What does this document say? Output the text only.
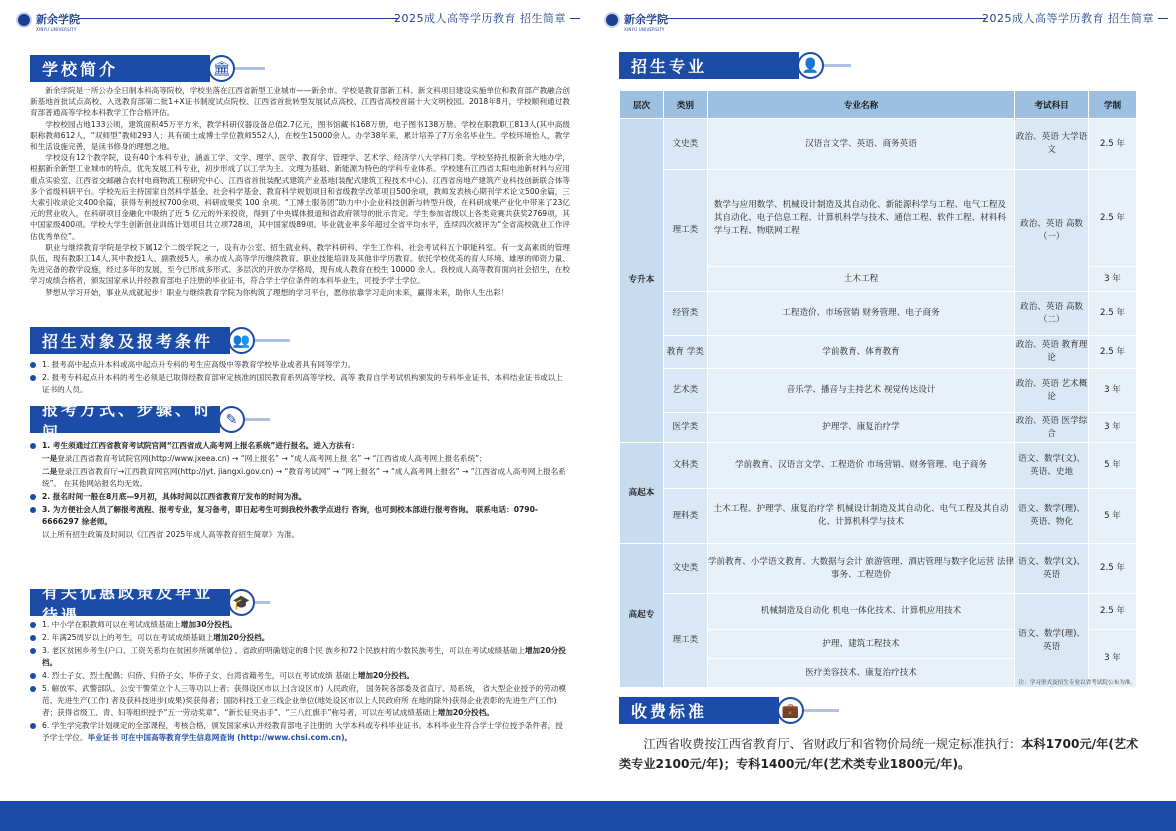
新余学院
XINYU UNIVERSITY
2025成人高等学历教育 招生简章
学校简介	🏛

新余学院是一所公办全日制本科高等院校，学校坐落在江西省新型工业城市——新余市。学校是教育部新工科、新文科项目建设实施单位和教育部产教融合创新基地首批试点高校、入选教育部第二批1+X证书制度试点院校、江西省首批转型发展试点高校、江西省高校首届十大文明校园。2018年8月，学校顺利通过教育部普通高等学校本科教学工作合格评估。

学校校园占地133公顷，建筑面积45万平方米，教学科研仪器设备总值2.7亿元，图书馆藏书168万册，电子图书138万册。学校在职教职工813人(其中高级职称教师612人，“双师型”教师293人；具有硕士或博士学位教师552人)，在校生15000余人。办学38年来，累计培养了7万余名毕业生。学校环境怡人，教学和生活设施完善，是读书修身的理想之地。

学校设有12个教学院，设有40个本科专业，涵盖工学、文学、理学、医学、教育学、管理学、艺术学、经济学八大学科门类。学校坚持扎根新余大地办学，根据新余新型工业城市的特点，优先发展工科专业，初步形成了以工学为主、文理为基础、新能源为特色的学科专业体系。学校建有江西省太阳电池新材料与应用重点实验室、江西省交邮融合农村电商物流工程研究中心、江西省首批装配式建筑产业基地(装配式建筑工程技术中心)、江西省房地产建筑产业科技创新联合体等多个省级科研平台。学校先后主持国家自然科学基金、社会科学基金、教育科学规划项目和省级教学改革项目500余项，教师发表核心期刊学术论文500余篇，三大索引收录论文400余篇，获得专利授权700余项、科研成果奖 100 余项。“工博士服务团”助力中小企业科技创新与转型升级，在科研成果产业化中带来了23亿元的营业收入，在科研项目金融化中吸纳了近 5 亿元的外来投资，得到了中央媒体报道和省政府领导的批示肯定。学生参加省级以上各类竞赛共获奖2769项，其中国家级400项。学校大学生创新创业训练计划项目共立项728项，其中国家级89项。毕业就业率多年超过全省平均水平，连续四次被评为“全省高校就业工作评估优秀单位”。

职业与继续教育学院是学校下属12个二级学院之一，设有办公室、招生就业科、教学科研科、学生工作科、社会考试科五个职能科室。有一支高素质的管理队伍，现有教职工14人,其中教授1人、副教授5人，承办成人高等学历继续教育、职业技能培训及其他非学历教育。依托学校优美的育人环境、雄厚的师资力量、先进完备的教学设施，经过多年的发展，至今已形成多形式、多层次的开放办学格局，现有成人教育在校生 10000 余人。我校成人高等教育面向社会招生，在校学习成绩合格者，颁发国家承认并经教育部电子注册的毕业证书，符合学士学位条件的本科毕业生，可授予学士学位。

梦想从学习开始，事业从成就起步！职业与继续教育学院为你构筑了理想的学习平台，愿你依靠学习走向未来，赢得未来，助你人生出彩！

招生对象及报考条件	👥
1. 报考高中起点升本科或高中起点升专科的考生应高级中等教育学校毕业或者具有同等学力。
2. 报考专科起点升本科的考生必须是已取得经教育部审定核准的国民教育系列高等学校、高等 教育自学考试机构颁发的专科毕业证书、本科结业证书或以上证书的人员。
报考方式、步骤、时间
✎
1. 考生须通过江西省教育考试院官网“江西省成人高考网上报名系统”进行报名。进入方法有：
一是登录江西省教育考试院官网(http://www.jxeea.cn) → “网上报名” → “成人高考网上报 名” → “江西省成人高考网上报名系统”；
二是登录江西省教育厅→江西教育网官网(http://jyt. jiangxi.gov.cn) → “教育考试网” → “网上报名” → “成人高考网上报名” → “江西省成人高考网上报名系统”。 在其他网站报名均无效。
2. 报名时间一般在8月底—9月初，具体时间以江西省教育厅发布的时间为准。
3. 为方便社会人员了解报考流程、报考专业，复习备考，即日起考生可到我校外教学点进行 咨询，也可到校本部进行报考咨询。 联系电话：0790-6666297 徐老师。
以上所有招生政策及时间以《江西省 2025年成人高等教育招生简章》为准。
有关优惠政策及毕业待遇
🎓
1. 中小学在职教师可以在考试成绩基础上增加30分投档。
2. 年满25周岁以上的考生，可以在考试成绩基础上增加20分投档。
3. 老区贫困乡考生(户口、工资关系均在贫困乡所属单位) 、省政府明确划定的8个民 族乡和72个民族村的少数民族考生，可以在考试成绩基础上增加20分投档。
4. 烈士子女、烈士配偶；归侨、归侨子女、华侨子女、台湾省籍考生，可以在考试成绩 基础上增加20分投档。
5. 解放军、武警部队、公安干警荣立个人三等功以上者；获得设区市以上(含设区市) 人民政府， 国务院各部委及省直厅、局系统， 省大型企业授予的劳动模范、先进生产(工作) 者及获科技进步(成果)奖获得者；国防科技工业三线企业单位(地处设区市以上人民政府所 在地的除外)获得企业表彰的先进生产(工作)者；获得省级工、青、妇等组织授予“五一劳动奖章”、“新长征突击手”、“三八红旗手”称号者，可以在考试成绩基础上增加20分投档。
6. 学生学完教学计划规定的全部课程，考核合格，颁发国家承认并经教育部电子注册的 大学本科或专科毕业证书。本科毕业生符合学士学位授予条件者，授予学士学位。毕业证书 可在中国高等教育学生信息网查询 (http://www.chsi.com.cn)。
新余学院
XINYU UNIVERSITY
2025成人高等学历教育 招生简章
招生专业	👤
层次	类别	专业名称	考试科目	学制
专升本	文史类	汉语言文学、英语、商务英语	政治、英语 大学语文	2.5 年
	理工类	数学与应用数学、机械设计制造及其自动化、新能源科学与工程、电气工程及其自动化、电子信息工程、计算机科学与技术、通信工程、软件工程、材料科学与工程、物联网工程	政治、英语 高数（一）	2.5 年
		土木工程		3 年
	经管类	工程造价、市场营销 财务管理、电子商务	政治、英语 高数（二）	2.5 年
	教育 学类	学前教育、体育教育	政治、英语 教育理论	2.5 年
	艺术类	音乐学、播音与主持艺术 视觉传达设计	政治、英语 艺术概论	3 年
	医学类	护理学、康复治疗学	政治、英语 医学综合	3 年
高起本	文科类	学前教育、汉语言文学、工程造价 市场营销、财务管理、电子商务	语文、数学(文)、英语、史地	5 年
	理科类	土木工程、护理学、康复治疗学 机械设计制造及其自动化、电气工程及其自动化、计算机科学与技术	语文、数学(理)、英语、物化	5 年
高起专	文史类	学前教育、小学语文教育、大数据与会计 旅游管理、酒店管理与数字化运营 法律事务、工程造价	语文、数学(文)、英语	2.5 年
	理工类	机械制造及自动化 机电一体化技术、计算机应用技术	语文、数学(理)、英语	2.5 年
		护理、建筑工程技术		3 年
		医疗美容技术、康复治疗技术		
注：学习形式及招生专业以省考试院公布为准。
收费标准	💼
江西省收费按江西省教育厅、省财政厅和省物价局统一规定标准执行：本科1700元/年(艺术类专业2100元/年)；专科1400元/年(艺术类专业1800元/年)。
